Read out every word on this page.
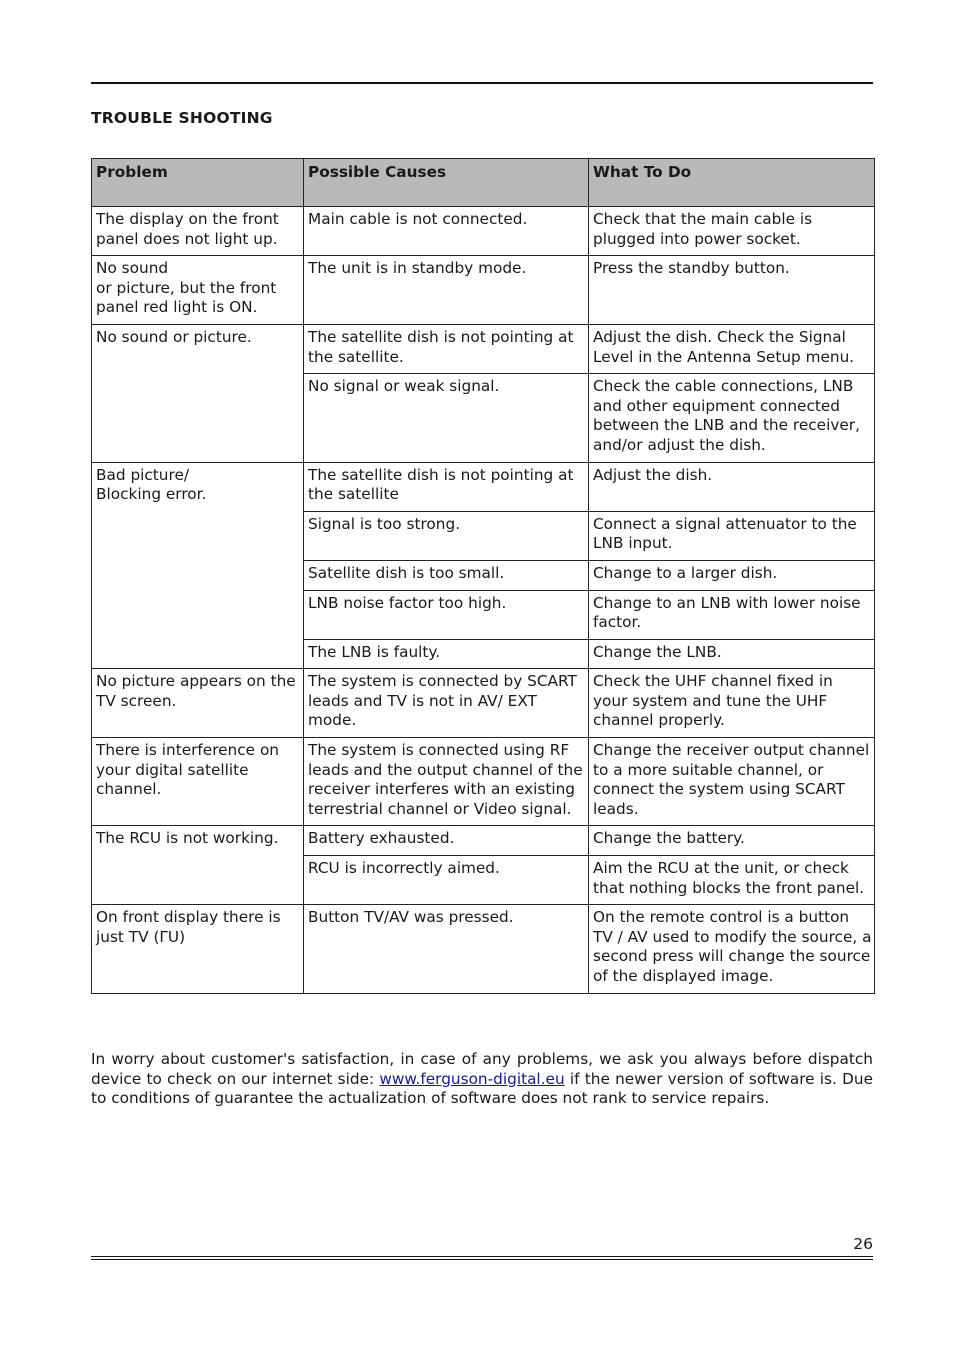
TROUBLE SHOOTING
Problem	Possible Causes	What To Do
The display on the front
panel does not light up.	Main cable is not connected.	Check that the main cable is plugged into power socket.
No sound
or picture, but the front
panel red light is ON.	The unit is in standby mode.	Press the standby button.
No sound or picture.	The satellite dish is not pointing at the satellite.	Adjust the dish. Check the Signal Level in the Antenna Setup menu.
	No signal or weak signal.	Check the cable connections, LNB and other equipment connected between the LNB and the receiver, and/or adjust the dish.
Bad picture/
Blocking error.	The satellite dish is not pointing at the satellite	Adjust the dish.
	Signal is too strong.	Connect a signal attenuator to the LNB input.
	Satellite dish is too small.	Change to a larger dish.
	LNB noise factor too high.	Change to an LNB with lower noise factor.
	The LNB is faulty.	Change the LNB.
No picture appears on the TV screen.	The system is connected by SCART leads and TV is not in AV/ EXT mode.	Check the UHF channel fixed in your system and tune the UHF channel properly.
There is interference on your digital satellite channel.	The system is connected using RF leads and the output channel of the receiver interferes with an existing terrestrial channel or Video signal.	Change the receiver output channel to a more suitable channel, or connect the system using SCART leads.
The RCU is not working.	Battery exhausted.	Change the battery.
	RCU is incorrectly aimed.	Aim the RCU at the unit, or check that nothing blocks the front panel.
On front display there is just TV (ΓU)	Button TV/AV was pressed.	On the remote control is a button TV / AV used to modify the source, a second press will change the source of the displayed image.

In worry about customer's satisfaction, in case of any problems, we ask you always before dispatch device to check on our internet side: www.ferguson-digital.eu if the newer version of software is. Due to conditions of guarantee the actualization of software does not rank to service repairs.

26
